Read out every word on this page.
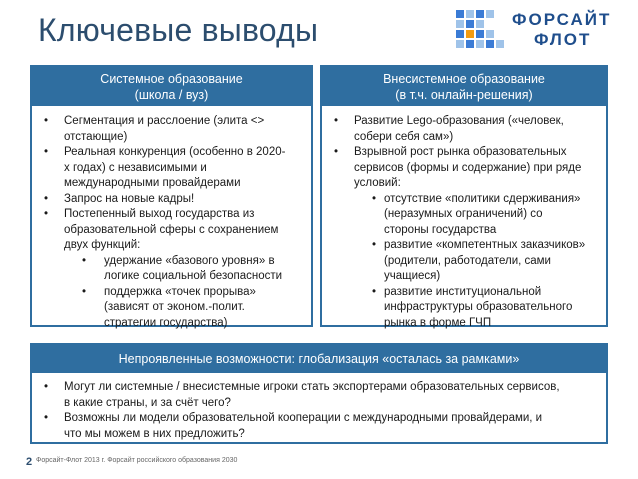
Ключевые выводы	ФОРСАЙТ
ФЛОТ
Системное образование
(школа / вуз)
• Сегментация и расслоение (элита <>
отстающие)
• Реальная конкуренция (особенно в 2020-
х годах) с независимыми и
международными провайдерами
• Запрос на новые кадры!
• Постепенный выход государства из
образовательной сферы с сохранением
двух функций:
• удержание «базового уровня» в
логике социальной безопасности
• поддержка «точек прорыва»
(зависят от эконом.-полит.
стратегии государства)
Внесистемное образование
(в т.ч. онлайн-решения)
• Развитие Lego-образования («человек,
собери себя сам»)
• Взрывной рост рынка образовательных
сервисов (формы и содержание) при ряде
условий:
• отсутствие «политики сдерживания»
(неразумных ограничений) со
стороны государства
• развитие «компетентных заказчиков»
(родители, работодатели, сами
учащиеся)
• развитие институциональной
инфраструктуры образовательного
рынка в форме ГЧП
Непроявленные возможности: глобализация «осталась за рамками»
• Могут ли системные / внесистемные игроки стать экспортерами образовательных сервисов,
в какие страны, и за счёт чего?
• Возможны ли модели образовательной кооперации с международными провайдерами, и
что мы можем в них предложить?
2 Форсайт-Флот 2013 г. Форсайт российского образования 2030
